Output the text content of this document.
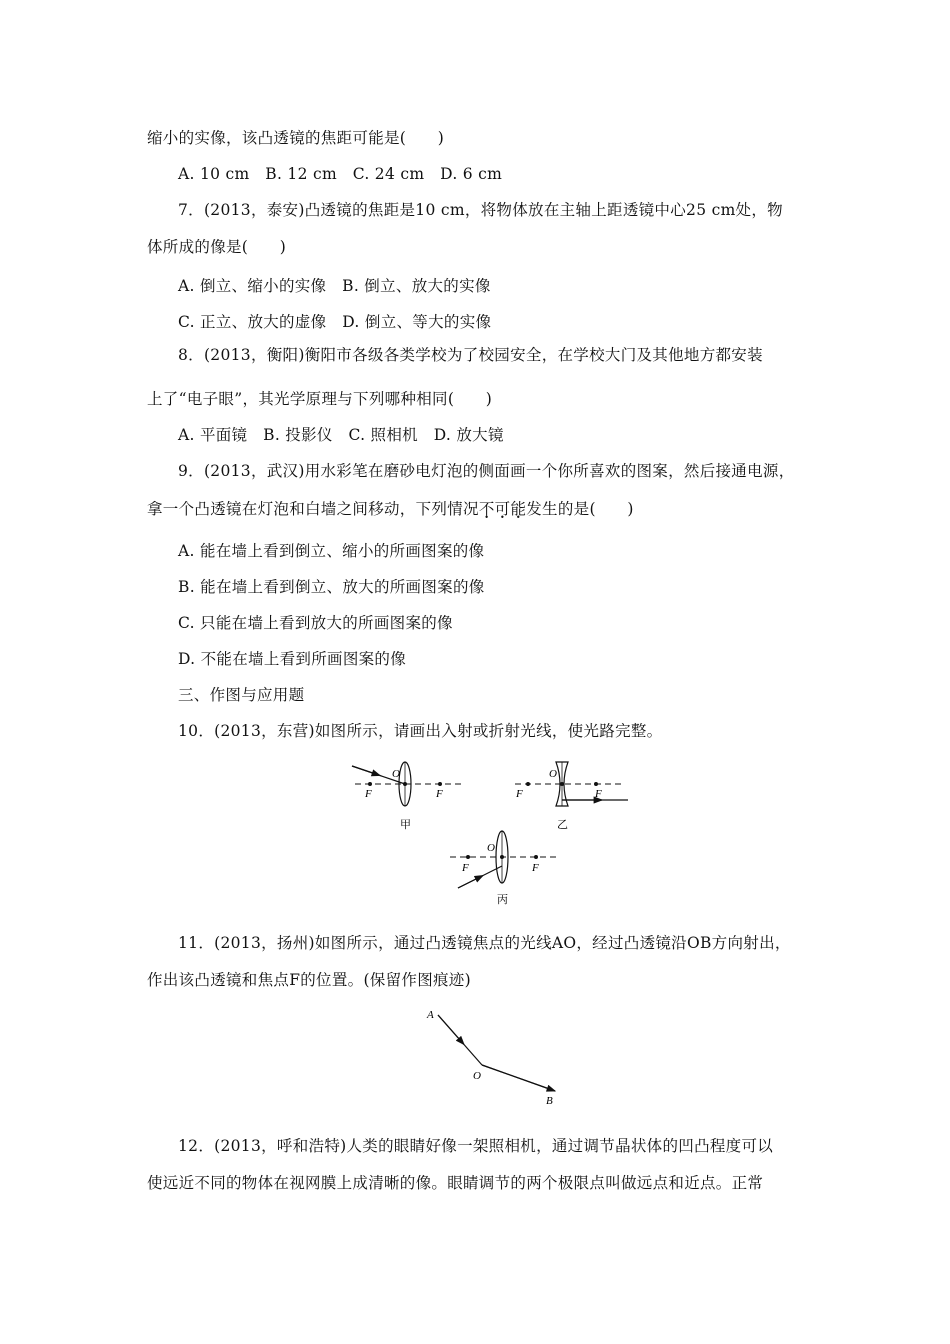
缩小的实像，该凸透镜的焦距可能是(　　)
A. 10 cm　B. 12 cm　C. 24 cm　D. 6 cm
7．(2013，泰安)凸透镜的焦距是10 cm，将物体放在主轴上距透镜中心25 cm处，物
体所成的像是(　　)
A. 倒立、缩小的实像　B. 倒立、放大的实像
C. 正立、放大的虚像　D. 倒立、等大的实像
8．(2013，衡阳)衡阳市各级各类学校为了校园安全，在学校大门及其他地方都安装
上了“电子眼”，其光学原理与下列哪种相同(　　)
A. 平面镜　B. 投影仪　C. 照相机　D. 放大镜
9．(2013，武汉)用水彩笔在磨砂电灯泡的侧面画一个你所喜欢的图案，然后接通电源，
拿一个凸透镜在灯泡和白墙之间移动，下列情况不可能发生的是(　　)
A. 能在墙上看到倒立、缩小的所画图案的像
B. 能在墙上看到倒立、放大的所画图案的像
C. 只能在墙上看到放大的所画图案的像
D. 不能在墙上看到所画图案的像
三、作图与应用题
10．(2013，东营)如图所示，请画出入射或折射光线，使光路完整。
F
O
F
甲
F
O
F
乙
F
O
F
丙
11．(2013，扬州)如图所示，通过凸透镜焦点的光线AO，经过凸透镜沿OB方向射出，
作出该凸透镜和焦点F的位置。(保留作图痕迹)
A
O
B
12．(2013，呼和浩特)人类的眼睛好像一架照相机，通过调节晶状体的凹凸程度可以
使远近不同的物体在视网膜上成清晰的像。眼睛调节的两个极限点叫做远点和近点。正常
